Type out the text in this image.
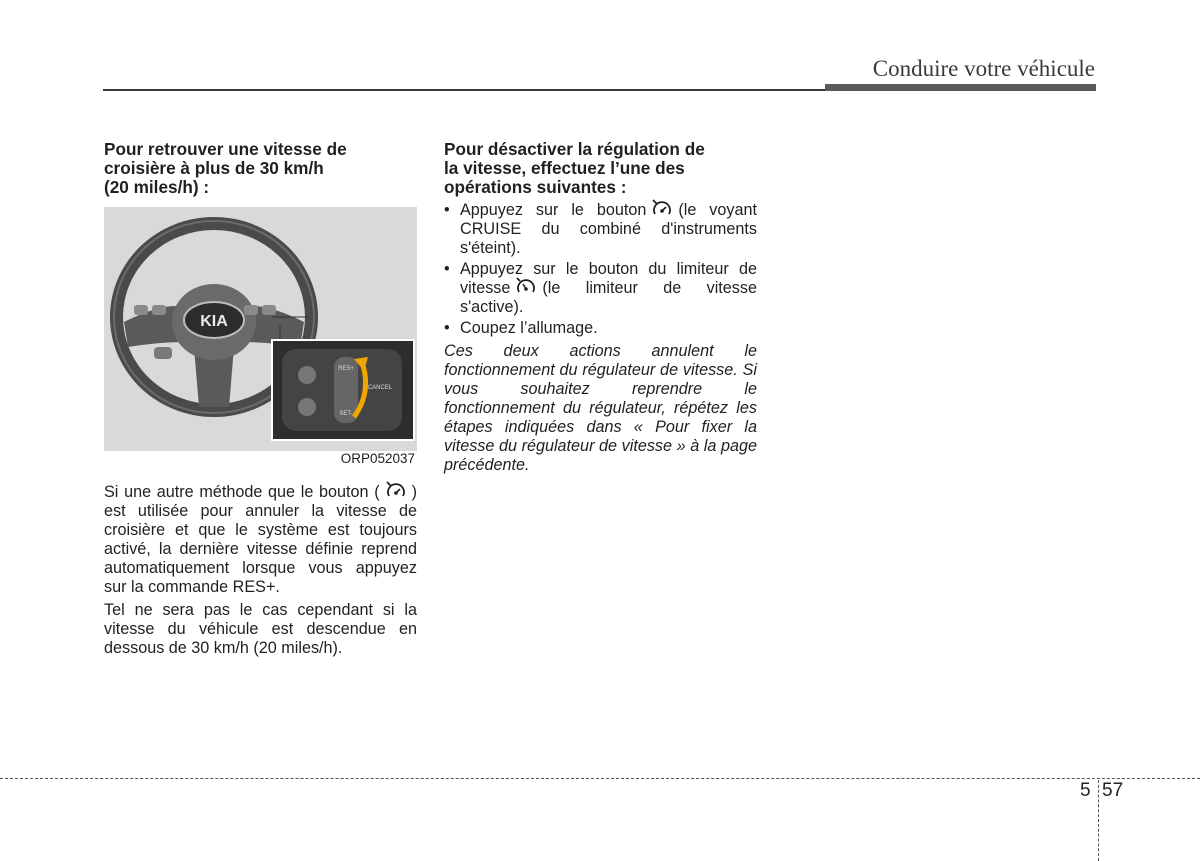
Conduire votre véhicule
Pour retrouver une vitesse de
croisière à plus de 30 km/h
(20 miles/h) :
KIA
RES+
SET-
CANCEL
ORP052037

Si une autre méthode que le bouton ( ) est utilisée pour annuler la vitesse de croisière et que le système est toujours activé, la dernière vitesse définie reprend automatiquement lorsque vous appuyez sur la commande RES+.

Tel ne sera pas le cas cependant si la vitesse du véhicule est descendue en dessous de 30 km/h (20 miles/h).

Pour désactiver la régulation de
la vitesse, effectuez l’une des
opérations suivantes :
• Appuyez sur le bouton (le voyant CRUISE du combiné d'instruments s'éteint).
• Appuyez sur le bouton du limiteur de vitesse (le limiteur de vitesse s'active).
• Coupez l’allumage.
Ces deux actions annulent le fonctionnement du régulateur de vitesse. Si vous souhaitez reprendre le fonctionnement du régulateur, répétez les étapes indiquées dans « Pour fixer la vitesse du régulateur de vitesse » à la page précédente.
5 57
